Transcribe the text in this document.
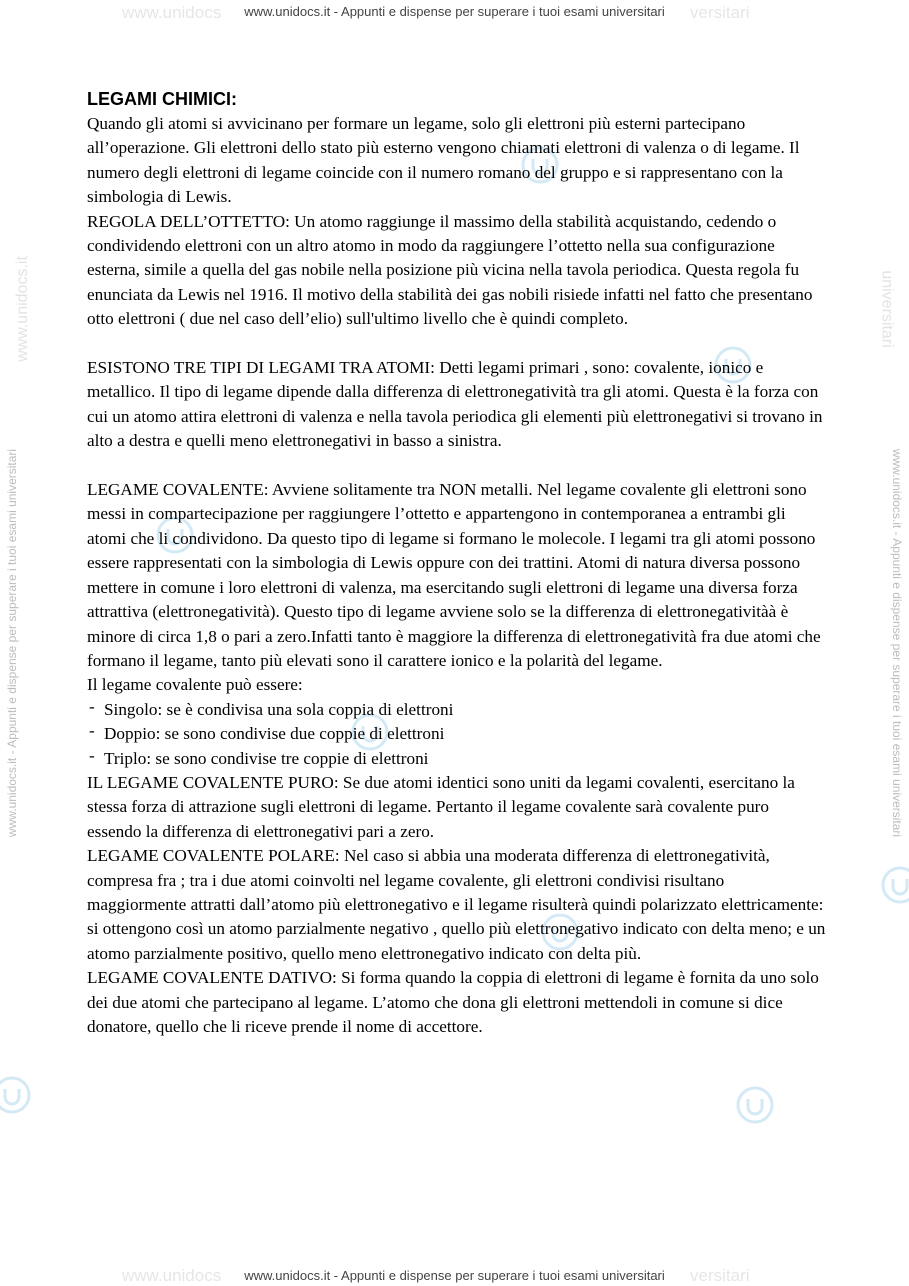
www.unidocs	versitari
www.unidocs.it - Appunti e dispense per superare i tuoi esami universitari
www.unidocs	versitari
www.unidocs.it - Appunti e dispense per superare i tuoi esami universitari
www.unidocs.it - Appunti e dispense per superare i tuoi esami universitari	www.unidocs.it - Appunti e dispense per superare i tuoi esami universitari
www.unidocs.it	universitari
LEGAMI CHIMICI:

Quando gli atomi si avvicinano per formare un legame, solo gli elettroni più esterni partecipano all’operazione. Gli elettroni dello stato più esterno vengono chiamati elettroni di valenza o di legame. Il numero degli elettroni di legame coincide con il numero romano del gruppo e si rappresentano con la simbologia di Lewis.

REGOLA DELL’OTTETTO: Un atomo raggiunge il massimo della stabilità acquistando, cedendo o condividendo elettroni con un altro atomo in modo da raggiungere l’ottetto nella sua configurazione esterna, simile a quella del gas nobile nella posizione più vicina nella tavola periodica. Questa regola fu enunciata da Lewis nel 1916. Il motivo della stabilità dei gas nobili risiede infatti nel fatto che presentano otto elettroni ( due nel caso dell’elio) sull'ultimo livello che è quindi completo.

ESISTONO TRE TIPI DI LEGAMI TRA ATOMI: Detti legami primari , sono: covalente, ionico e metallico. Il tipo di legame dipende dalla differenza di elettronegatività tra gli atomi. Questa è la forza con cui un atomo attira elettroni di valenza e nella tavola periodica gli elementi più elettronegativi si trovano in alto a destra e quelli meno elettronegativi in basso a sinistra.

LEGAME COVALENTE: Avviene solitamente tra NON metalli. Nel legame covalente gli elettroni sono messi in compartecipazione per raggiungere l’ottetto e appartengono in contemporanea a entrambi gli atomi che li condividono. Da questo tipo di legame si formano le molecole. I legami tra gli atomi possono essere rappresentati con la simbologia di Lewis oppure con dei trattini. Atomi di natura diversa possono mettere in comune i loro elettroni di valenza, ma esercitando sugli elettroni di legame una diversa forza attrattiva (elettronegatività). Questo tipo di legame avviene solo se la differenza di elettronegativitàà è minore di circa 1,8 o pari a zero.Infatti tanto è maggiore la differenza di elettronegatività fra due atomi che formano il legame, tanto più elevati sono il carattere ionico e la polarità del legame.

Il legame covalente può essere:

- Singolo: se è condivisa una sola coppia di elettroni
- Doppio: se sono condivise due coppie di elettroni
- Triplo: se sono condivise tre coppie di elettroni

IL LEGAME COVALENTE PURO: Se due atomi identici sono uniti da legami covalenti, esercitano la stessa forza di attrazione sugli elettroni di legame. Pertanto il legame covalente sarà covalente puro essendo la differenza di elettronegativi pari a zero.

LEGAME COVALENTE POLARE: Nel caso si abbia una moderata differenza di elettronegatività, compresa fra ; tra i due atomi coinvolti nel legame covalente, gli elettroni condivisi risultano maggiormente attratti dall’atomo più elettronegativo e il legame risulterà quindi polarizzato elettricamente: si ottengono così un atomo parzialmente negativo , quello più elettronegativo indicato con delta meno; e un atomo parzialmente positivo, quello meno elettronegativo indicato con delta più.

LEGAME COVALENTE DATIVO: Si forma quando la coppia di elettroni di legame è fornita da uno solo dei due atomi che partecipano al legame. L’atomo che dona gli elettroni mettendoli in comune si dice donatore, quello che li riceve prende il nome di accettore.
